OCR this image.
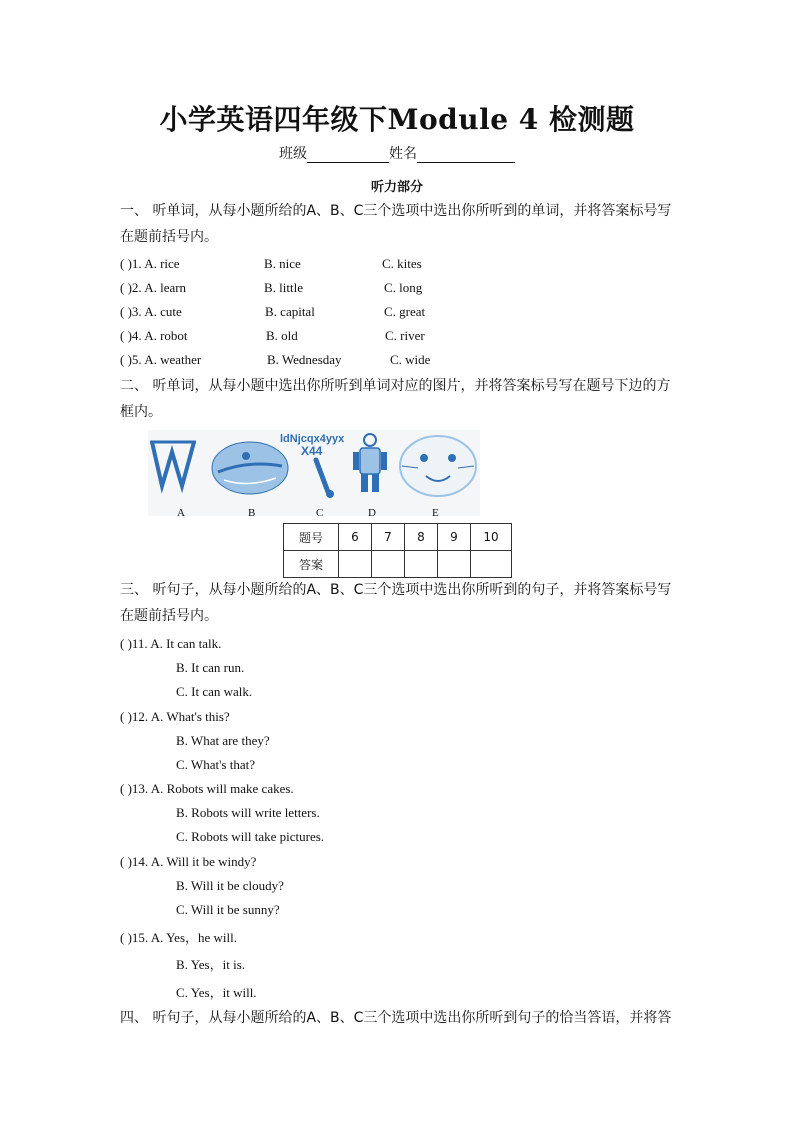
小学英语四年级下Module 4 检测题
班级	姓名
听力部分
一、 听单词，从每小题所给的A、B、C三个选项中选出你所听到的单词，并将答案标号写
在题前括号内。
( )1. A. rice	B. nice	C. kites
( )2. A. learn	B. little	C. long
( )3. A. cute	B. capital	C. great
( )4. A. robot	B. old	C. river
( )5. A. weather	B. Wednesday	C. wide
二、 听单词，从每小题中选出你所听到单词对应的图片，并将答案标号写在题号下边的方
框内。
ldNjcqx4yyx
X44
A	B	C	D	E
题号	6	7	8	9	10
答案					
三、 听句子，从每小题所给的A、B、C三个选项中选出你所听到的句子，并将答案标号写
在题前括号内。
( )11. A. It can talk.
B. It can run.
C. It can walk.
( )12. A. What's this?
B. What are they?
C. What's that?
( )13. A. Robots will make cakes.
B. Robots will write letters.
C. Robots will take pictures.
( )14. A. Will it be windy?
B. Will it be cloudy?
C. Will it be sunny?
( )15. A. Yes，he will.
B. Yes，it is.
C. Yes，it will.
四、 听句子，从每小题所给的A、B、C三个选项中选出你所听到句子的恰当答语，并将答
